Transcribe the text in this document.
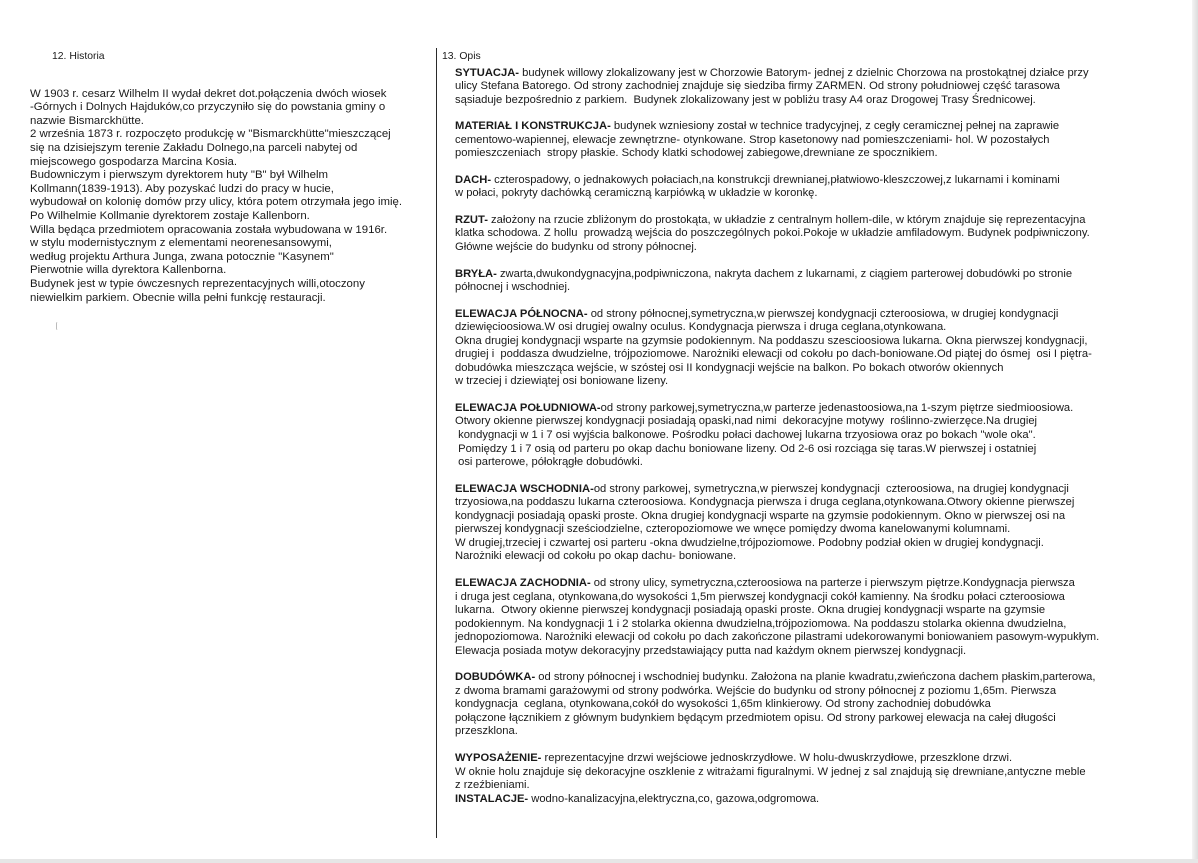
12. Historia

W 1903 r. cesarz Wilhelm II wydał dekret dot.połączenia dwóch wiosek

-Górnych i Dolnych Hajduków,co przyczyniło się do powstania gminy o

nazwie Bismarckhütte.

2 września 1873 r. rozpoczęto produkcję w "Bismarckhütte"mieszczącej

się na dzisiejszym terenie Zakładu Dolnego,na parceli nabytej od

miejscowego gospodarza Marcina Kosia.

Budowniczym i pierwszym dyrektorem huty "B" był Wilhelm

Kollmann(1839-1913). Aby pozyskać ludzi do pracy w hucie,

wybudował on kolonię domów przy ulicy, która potem otrzymała jego imię.

Po Wilhelmie Kollmanie dyrektorem zostaje Kallenborn.

Willa będąca przedmiotem opracowania została wybudowana w 1916r.

w stylu modernistycznym z elementami neorenesansowymi,

według projektu Arthura Junga, zwana potocznie "Kasynem"

Pierwotnie willa dyrektora Kallenborna.

Budynek jest w typie ówczesnych reprezentacyjnych willi,otoczony

niewielkim parkiem. Obecnie willa pełni funkcję restauracji.

13. Opis
SYTUACJA- budynek willowy zlokalizowany jest w Chorzowie Batorym- jednej z dzielnic Chorzowa na prostokątnej działce przy
ulicy Stefana Batorego. Od strony zachodniej znajduje się siedziba firmy ZARMEN. Od strony południowej część tarasowa
sąsiaduje bezpośrednio z parkiem.  Budynek zlokalizowany jest w pobliżu trasy A4 oraz Drogowej Trasy Średnicowej.
MATERIAŁ I KONSTRUKCJA- budynek wzniesiony został w technice tradycyjnej, z cegły ceramicznej pełnej na zaprawie
cementowo-wapiennej, elewacje zewnętrzne- otynkowane. Strop kasetonowy nad pomieszczeniami- hol. W pozostałych
pomieszczeniach  stropy płaskie. Schody klatki schodowej zabiegowe,drewniane ze spocznikiem.
DACH- czterospadowy, o jednakowych połaciach,na konstrukcji drewnianej,płatwiowo-kleszczowej,z lukarnami i kominami
w połaci, pokryty dachówką ceramiczną karpiówką w układzie w koronkę.
RZUT- założony na rzucie zbliżonym do prostokąta, w układzie z centralnym hollem-dile, w którym znajduje się reprezentacyjna
klatka schodowa. Z hollu  prowadzą wejścia do poszczególnych pokoi.Pokoje w układzie amfiladowym. Budynek podpiwniczony.
Główne wejście do budynku od strony północnej.
BRYŁA- zwarta,dwukondygnacyjna,podpiwniczona, nakryta dachem z lukarnami, z ciągiem parterowej dobudówki po stronie
północnej i wschodniej.
ELEWACJA PÓŁNOCNA- od strony północnej,symetryczna,w pierwszej kondygnacji czteroosiowa, w drugiej kondygnacji
dziewięcioosiowa.W osi drugiej owalny oculus. Kondygnacja pierwsza i druga ceglana,otynkowana.
Okna drugiej kondygnacji wsparte na gzymsie podokiennym. Na poddaszu szescioosiowa lukarna. Okna pierwszej kondygnacji,
drugiej i  poddasza dwudzielne, trójpoziomowe. Narożniki elewacji od cokołu po dach-boniowane.Od piątej do ósmej  osi I piętra-
dobudówka mieszcząca wejście, w szóstej osi II kondygnacji wejście na balkon. Po bokach otworów okiennych
w trzeciej i dziewiątej osi boniowane lizeny.
ELEWACJA POŁUDNIOWA-od strony parkowej,symetryczna,w parterze jedenastoosiowa,na 1-szym piętrze siedmioosiowa.
Otwory okienne pierwszej kondygnacji posiadają opaski,nad nimi  dekoracyjne motywy  roślinno-zwierzęce.Na drugiej
kondygnacji w 1 i 7 osi wyjścia balkonowe. Pośrodku połaci dachowej lukarna trzyosiowa oraz po bokach "wole oka".
Pomiędzy 1 i 7 osią od parteru po okap dachu boniowane lizeny. Od 2-6 osi rozciąga się taras.W pierwszej i ostatniej
osi parterowe, półokrągłe dobudówki.
ELEWACJA WSCHODNIA-od strony parkowej, symetryczna,w pierwszej kondygnacji  czteroosiowa, na drugiej kondygnacji
trzyosiowa,na poddaszu lukarna czteroosiowa. Kondygnacja pierwsza i druga ceglana,otynkowana.Otwory okienne pierwszej
kondygnacji posiadają opaski proste. Okna drugiej kondygnacji wsparte na gzymsie podokiennym. Okno w pierwszej osi na
pierwszej kondygnacji sześciodzielne, czteropoziomowe we wnęce pomiędzy dwoma kanelowanymi kolumnami.
W drugiej,trzeciej i czwartej osi parteru -okna dwudzielne,trójpoziomowe. Podobny podział okien w drugiej kondygnacji.
Narożniki elewacji od cokołu po okap dachu- boniowane.
ELEWACJA ZACHODNIA- od strony ulicy, symetryczna,czteroosiowa na parterze i pierwszym piętrze.Kondygnacja pierwsza
i druga jest ceglana, otynkowana,do wysokości 1,5m pierwszej kondygnacji cokół kamienny. Na środku połaci czteroosiowa
lukarna.  Otwory okienne pierwszej kondygnacji posiadają opaski proste. Okna drugiej kondygnacji wsparte na gzymsie
podokiennym. Na kondygnacji 1 i 2 stolarka okienna dwudzielna,trójpoziomowa. Na poddaszu stolarka okienna dwudzielna,
jednopoziomowa. Narożniki elewacji od cokołu po dach zakończone pilastrami udekorowanymi boniowaniem pasowym-wypukłym.
Elewacja posiada motyw dekoracyjny przedstawiający putta nad każdym oknem pierwszej kondygnacji.
DOBUDÓWKA- od strony północnej i wschodniej budynku. Założona na planie kwadratu,zwieńczona dachem płaskim,parterowa,
z dwoma bramami garażowymi od strony podwórka. Wejście do budynku od strony północnej z poziomu 1,65m. Pierwsza
kondygnacja  ceglana, otynkowana,cokół do wysokości 1,65m klinkierowy. Od strony zachodniej dobudówka
połączone łącznikiem z głównym budynkiem będącym przedmiotem opisu. Od strony parkowej elewacja na całej długości
przeszklona.
WYPOSAŻENIE- reprezentacyjne drzwi wejściowe jednoskrzydłowe. W holu-dwuskrzydłowe, przeszklone drzwi.
W oknie holu znajduje się dekoracyjne oszklenie z witrażami figuralnymi. W jednej z sal znajdują się drewniane,antyczne meble
z rzeźbieniami.
INSTALACJE- wodno-kanalizacyjna,elektryczna,co, gazowa,odgromowa.
